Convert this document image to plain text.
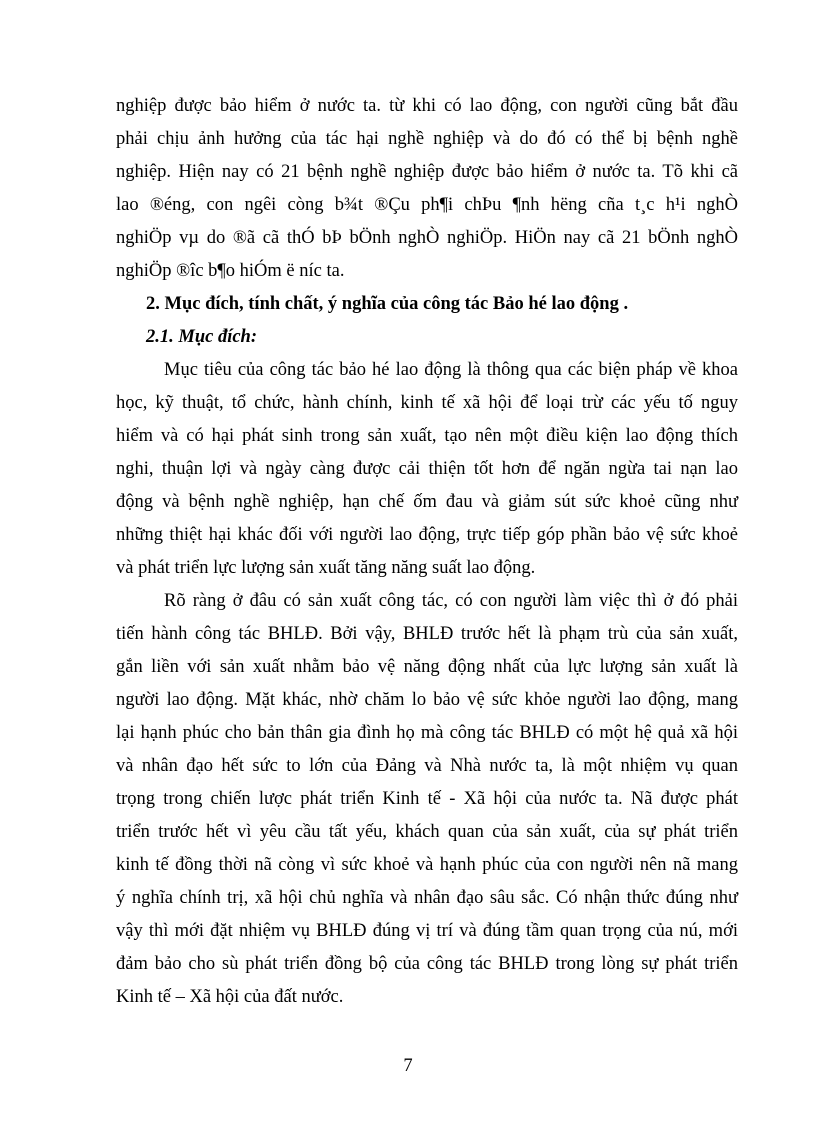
nghiệp được bảo hiểm ở nước ta. từ khi có lao động, con người cũng bắt đầu
phải chịu ảnh hưởng của tác hại nghề nghiệp và do đó có thể bị bệnh nghề
nghiệp. Hiện nay có 21 bệnh nghề nghiệp được bảo hiểm ở nước ta. Tõ khi cã
lao ®éng, con ngêi còng b¾t ®Çu ph¶i chÞu ¶nh hëng cña t¸c h¹i nghÒ
nghiÖp vµ do ®ã cã thÓ bÞ bÖnh nghÒ nghiÖp. HiÖn nay cã 21 bÖnh nghÒ
nghiÖp ®îc b¶o hiÓm ë níc ta.
2. Mục đích, tính chất, ý nghĩa của công tác Bảo hé lao động .
2.1. Mục đích:
Mục tiêu của công tác bảo hé lao động là thông qua các biện pháp về khoa
học, kỹ thuật, tổ chức, hành chính, kinh tế xã hội để loại trừ các yếu tố nguy
hiểm và có hại phát sinh trong sản xuất, tạo nên một điều kiện lao động thích
nghi, thuận lợi và ngày càng được cải thiện tốt hơn để ngăn ngừa tai nạn lao
động và bệnh nghề nghiệp, hạn chế ốm đau và giảm sút sức khoẻ cũng như
những thiệt hại khác đối với người lao động, trực tiếp góp phần bảo vệ sức khoẻ
và phát triển lực lượng sản xuất tăng năng suất lao động.
Rõ ràng ở đâu có sản xuất công tác, có con người làm việc thì ở đó phải
tiến hành công tác BHLĐ. Bởi vậy, BHLĐ trước hết là phạm trù của sản xuất,
gắn liền với sản xuất nhằm bảo vệ năng động nhất của lực lượng sản xuất là
người lao động. Mặt khác, nhờ chăm lo bảo vệ sức khỏe người lao động, mang
lại hạnh phúc cho bản thân gia đình họ mà công tác BHLĐ có một hệ quả xã hội
và nhân đạo hết sức to lớn của Đảng và Nhà nước ta, là một nhiệm vụ quan
trọng trong chiến lược phát triển Kinh tế - Xã hội của nước ta. Nã được phát
triển trước hết vì yêu cầu tất yếu, khách quan của sản xuất, của sự phát triển
kinh tế đồng thời nã còng vì sức khoẻ và hạnh phúc của con người nên nã mang
ý nghĩa chính trị, xã hội chủ nghĩa và nhân đạo sâu sắc. Có nhận thức đúng như
vậy thì mới đặt nhiệm vụ BHLĐ đúng vị trí và đúng tầm quan trọng của nú, mới
đảm bảo cho sù phát triển đồng bộ của công tác BHLĐ trong lòng sự phát triển
Kinh tế – Xã hội của đất nước.
7
